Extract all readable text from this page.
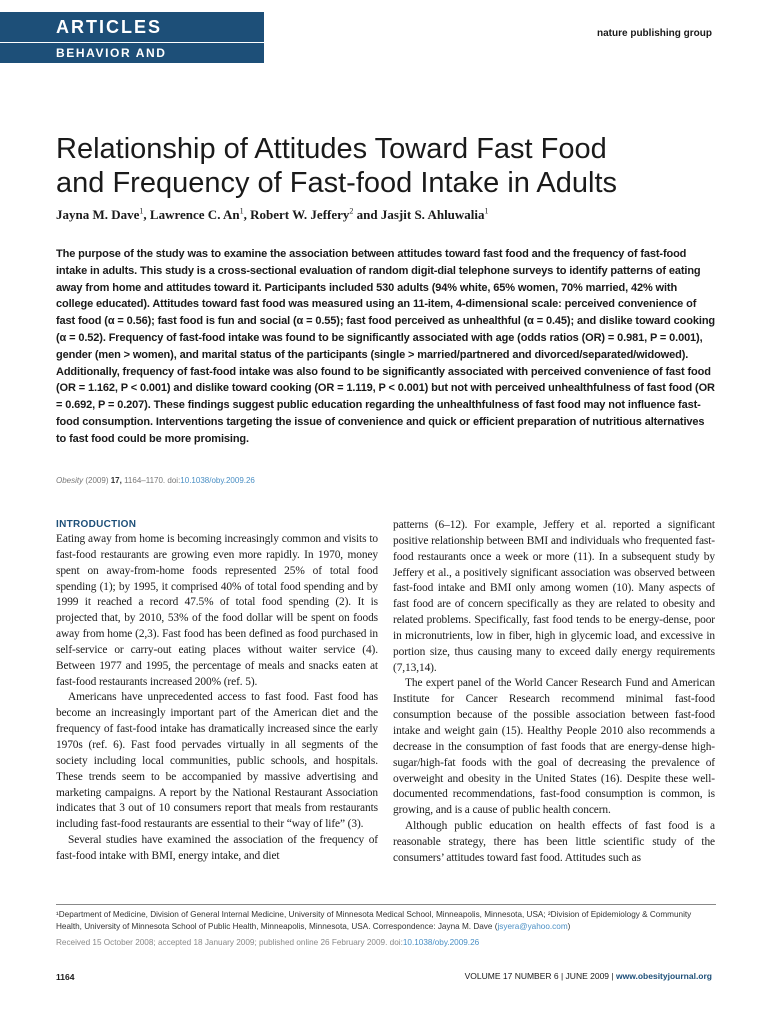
ARTICLES
BEHAVIOR AND PSYCHOLOGY
nature publishing group
Relationship of Attitudes Toward Fast Food
and Frequency of Fast-food Intake in Adults
Jayna M. Dave$^1$, Lawrence C. An$^1$, Robert W. Jeffery$^2$ and Jasjit S. Ahluwalia$^1$
The purpose of the study was to examine the association between attitudes toward fast food and the frequency of fast-food intake in adults. This study is a cross-sectional evaluation of random digit-dial telephone surveys to identify patterns of eating away from home and attitudes toward it. Participants included 530 adults (94% white, 65% women, 70% married, 42% with college educated). Attitudes toward fast food was measured using an 11-item, 4-dimensional scale: perceived convenience of fast food (α = 0.56); fast food is fun and social (α = 0.55); fast food perceived as unhealthful (α = 0.45); and dislike toward cooking (α = 0.52). Frequency of fast-food intake was found to be significantly associated with age (odds ratios (OR) = 0.981, P = 0.001), gender (men > women), and marital status of the participants (single > married/partnered and divorced/separated/widowed). Additionally, frequency of fast-food intake was also found to be significantly associated with perceived convenience of fast food (OR = 1.162, P < 0.001) and dislike toward cooking (OR = 1.119, P < 0.001) but not with perceived unhealthfulness of fast food (OR = 0.692, P = 0.207). These findings suggest public education regarding the unhealthfulness of fast food may not influence fast-food consumption. Interventions targeting the issue of convenience and quick or efficient preparation of nutritious alternatives to fast food could be more promising.
Obesity (2009) 17, 1164–1170. doi:10.1038/oby.2009.26
INTRODUCTION

Eating away from home is becoming increasingly common and visits to fast-food restaurants are growing even more rapidly. In 1970, money spent on away-from-home foods represented 25% of total food spending (1); by 1995, it comprised 40% of total food spending and by 1999 it reached a record 47.5% of total food spending (2). It is projected that, by 2010, 53% of the food dollar will be spent on foods away from home (2,3). Fast food has been defined as food purchased in self-service or carry-out eating places without waiter service (4). Between 1977 and 1995, the percentage of meals and snacks eaten at fast-food restaurants increased 200% (ref. 5).

Americans have unprecedented access to fast food. Fast food has become an increasingly important part of the American diet and the frequency of fast-food intake has dramatically increased since the early 1970s (ref. 6). Fast food pervades virtually in all segments of the society including local communities, public schools, and hospitals. These trends seem to be accompanied by massive advertising and marketing campaigns. A report by the National Restaurant Association indicates that 3 out of 10 consumers report that meals from restaurants including fast-food restaurants are essential to their “way of life” (3).

Several studies have examined the association of the frequency of fast-food intake with BMI, energy intake, and diet

patterns (6–12). For example, Jeffery et al. reported a significant positive relationship between BMI and individuals who frequented fast-food restaurants once a week or more (11). In a subsequent study by Jeffery et al., a positively significant association was observed between fast-food intake and BMI only among women (10). Many aspects of fast food are of concern specifically as they are related to obesity and related problems. Specifically, fast food tends to be energy-dense, poor in micronutrients, low in fiber, high in glycemic load, and excessive in portion size, thus causing many to exceed daily energy requirements (7,13,14).

The expert panel of the World Cancer Research Fund and American Institute for Cancer Research recommend minimal fast-food consumption because of the possible association between fast-food intake and weight gain (15). Healthy People 2010 also recommends a decrease in the consumption of fast foods that are energy-dense high-sugar/high-fat foods with the goal of decreasing the prevalence of overweight and obesity in the United States (16). Despite these well-documented recommendations, fast-food consumption is common, is growing, and is a cause of public health concern.

Although public education on health effects of fast food is a reasonable strategy, there has been little scientific study of the consumers’ attitudes toward fast food. Attitudes such as

¹Department of Medicine, Division of General Internal Medicine, University of Minnesota Medical School, Minneapolis, Minnesota, USA; ²Division of Epidemiology & Community Health, University of Minnesota School of Public Health, Minneapolis, Minnesota, USA. Correspondence: Jayna M. Dave (jsyera@yahoo.com)
Received 15 October 2008; accepted 18 January 2009; published online 26 February 2009. doi:10.1038/oby.2009.26
1164	VOLUME 17 NUMBER 6 | JUNE 2009 | www.obesityjournal.org
